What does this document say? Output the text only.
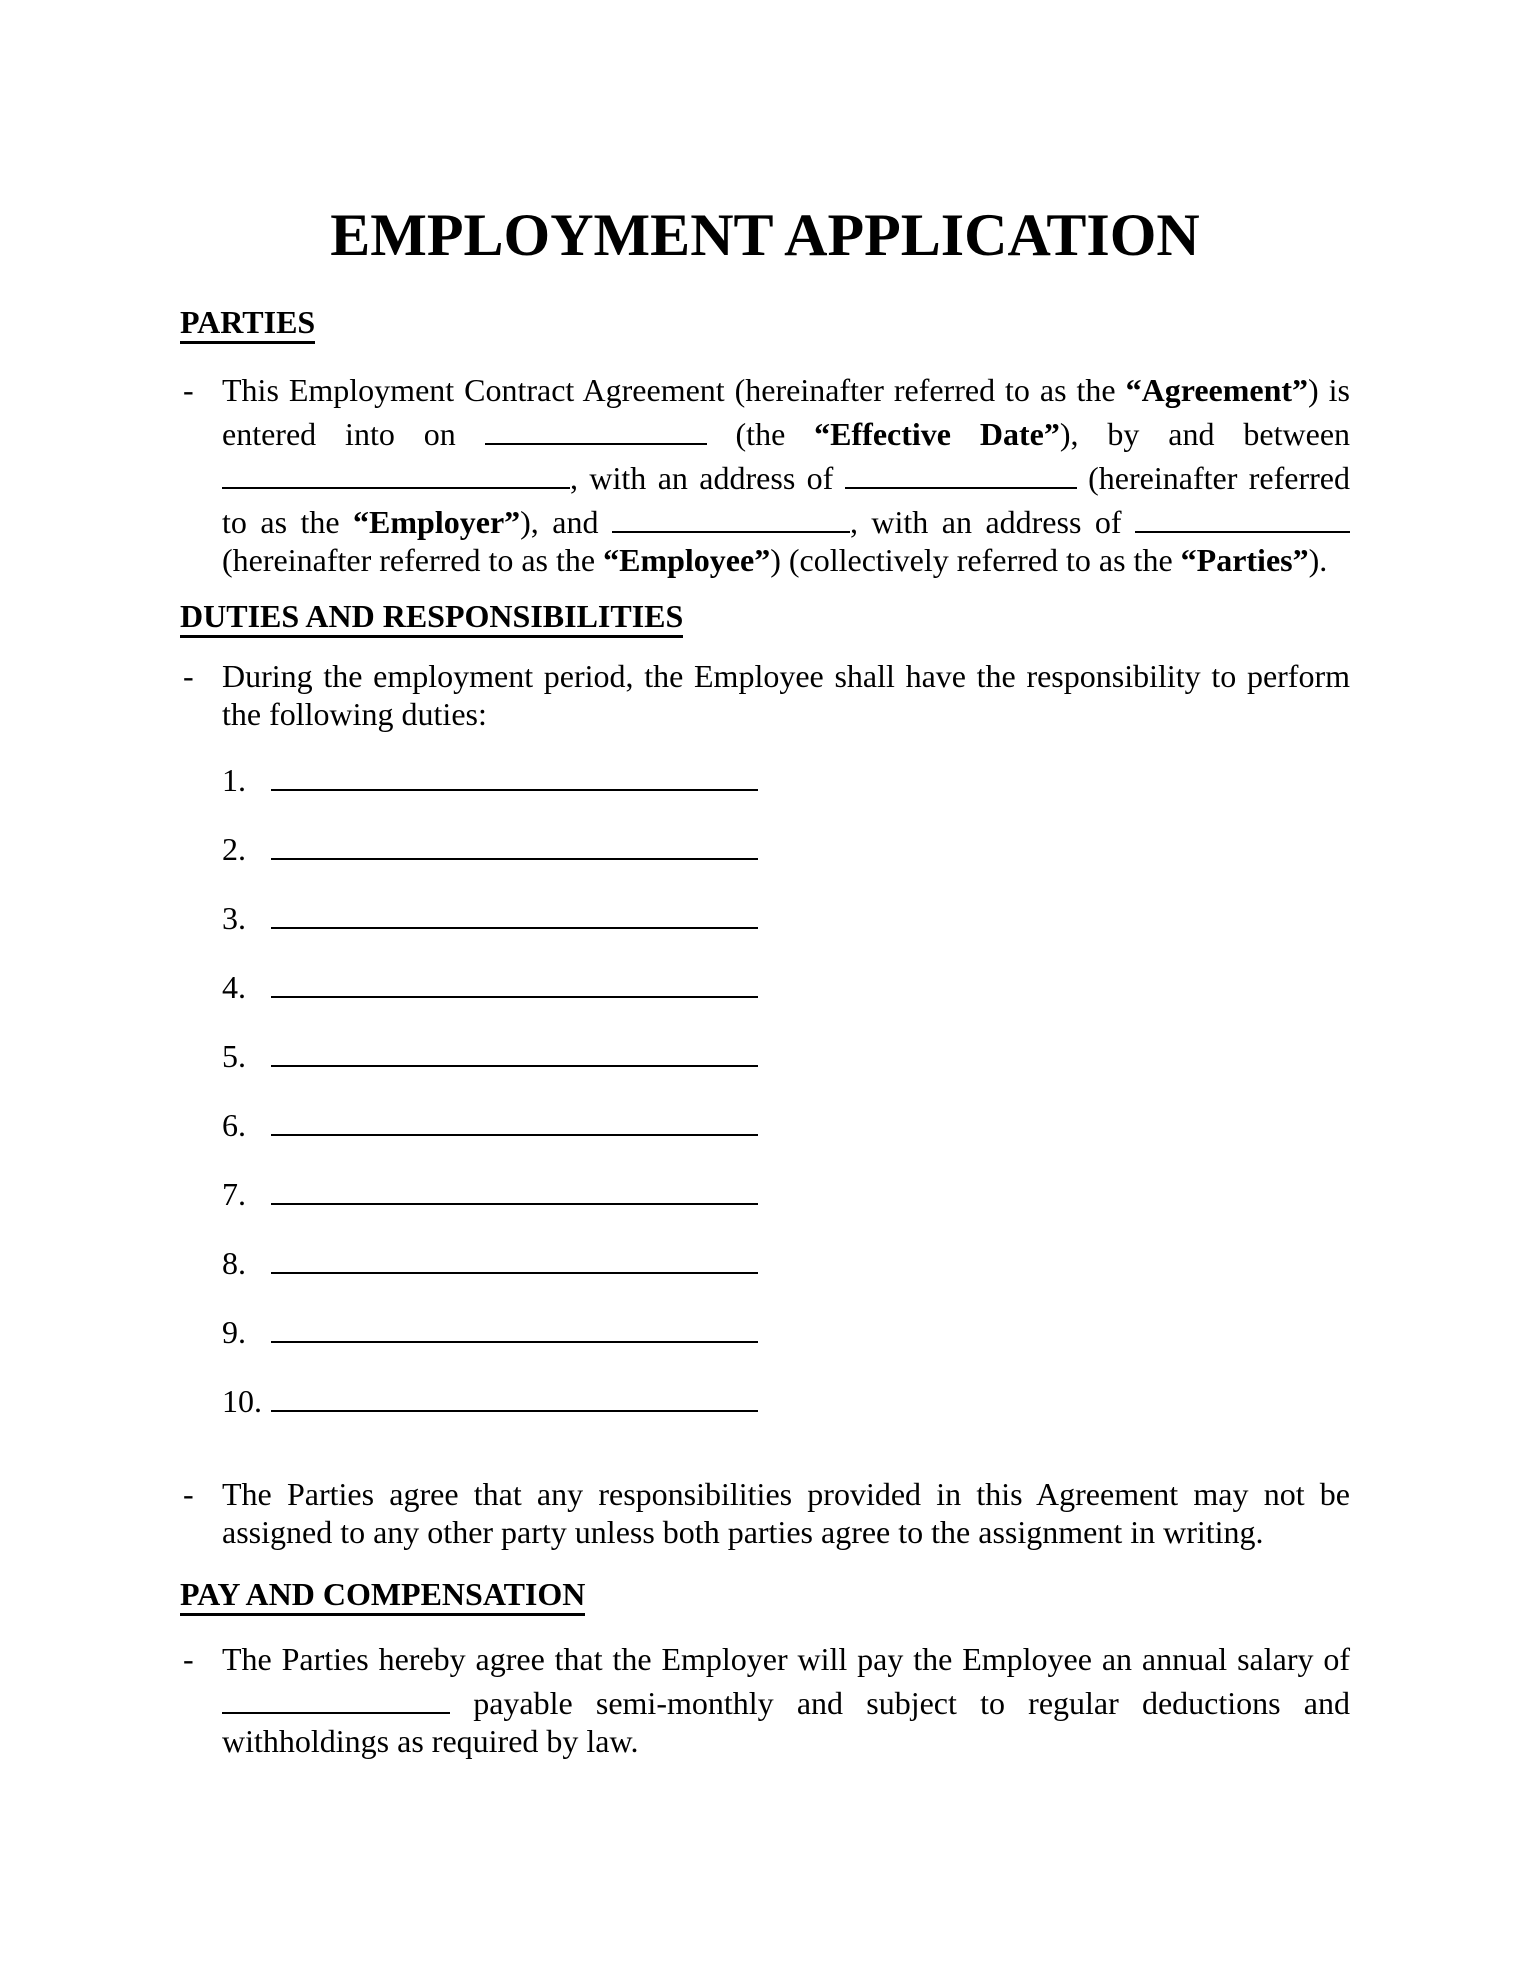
EMPLOYMENT APPLICATION
PARTIES
- This Employment Contract Agreement (hereinafter referred to as the “Agreement”) is entered into on	(the “Effective Date”), by and between , with an address of	(hereinafter referred to as the “Employer”), and	, with an address of  (hereinafter referred to as the “Employee”) (collectively referred to as the “Parties”).
DUTIES AND RESPONSIBILITIES
- During the employment period, the Employee shall have the responsibility to perform the following duties:
1.
2.
3.
4.
5.
6.
7.
8.
9.
10.
- The Parties agree that any responsibilities provided in this Agreement may not be assigned to any other party unless both parties agree to the assignment in writing.
PAY AND COMPENSATION
- The Parties hereby agree that the Employer will pay the Employee an annual salary of  payable semi-monthly and subject to regular deductions and withholdings as required by law.
